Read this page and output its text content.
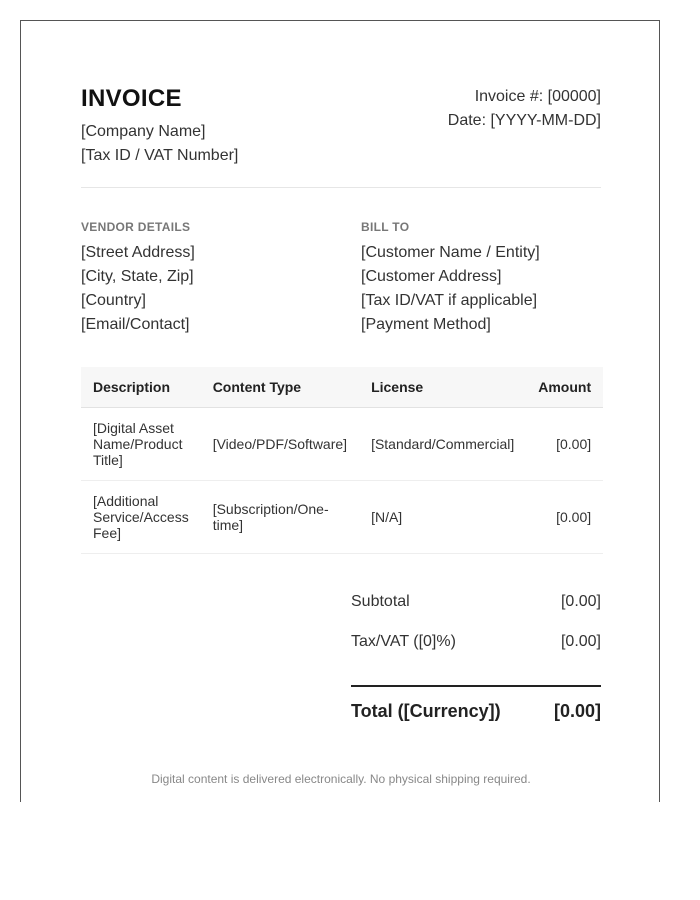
INVOICE
[Company Name]
[Tax ID / VAT Number]
Invoice #: [00000]
Date: [YYYY-MM-DD]
VENDOR DETAILS
[Street Address]
[City, State, Zip]
[Country]
[Email/Contact]
BILL TO
[Customer Name / Entity]
[Customer Address]
[Tax ID/VAT if applicable]
[Payment Method]
Description	Content Type	License	Amount
[Digital Asset Name/Product Title]	[Video/PDF/Software]	[Standard/Commercial]	[0.00]
[Additional Service/Access Fee]	[Subscription/One-time]	[N/A]	[0.00]
Subtotal	[0.00]
Tax/VAT ([0]%)	[0.00]
Total ([Currency])	[0.00]
Digital content is delivered electronically. No physical shipping required.
